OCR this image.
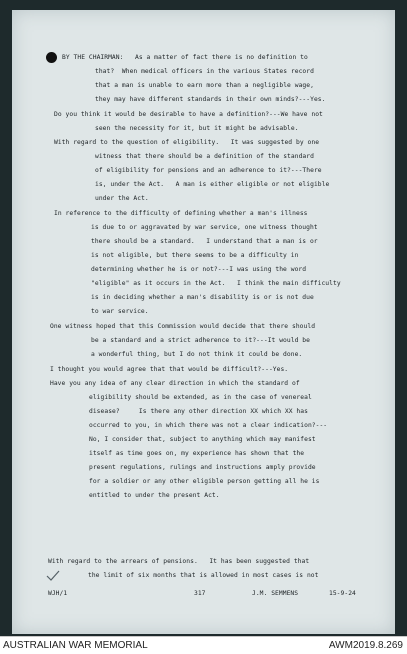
BY THE CHAIRMAN:   As a matter of fact there is no definition to
that?  When medical officers in the various States record
that a man is unable to earn more than a negligible wage,
they may have different standards in their own minds?---Yes.
Do you think it would be desirable to have a definition?---We have not
seen the necessity for it, but it might be advisable.
With regard to the question of eligibility.   It was suggested by one
witness that there should be a definition of the standard
of eligibility for pensions and an adherence to it?---There
is, under the Act.   A man is either eligible or not eligible
under the Act.
In reference to the difficulty of defining whether a man's illness
is due to or aggravated by war service, one witness thought
there should be a standard.   I understand that a man is or
is not eligible, but there seems to be a difficulty in
determining whether he is or not?---I was using the word
"eligible" as it occurs in the Act.   I think the main difficulty
is in deciding whether a man's disability is or is not due
to war service.
One witness hoped that this Commission would decide that there should
be a standard and a strict adherence to it?---It would be
a wonderful thing, but I do not think it could be done.
I thought you would agree that that would be difficult?---Yes.
Have you any idea of any clear direction in which the standard of
eligibility should be extended, as in the case of venereal
disease?     Is there any other direction XX which XX has
occurred to you, in which there was not a clear indication?---
No, I consider that, subject to anything which may manifest
itself as time goes on, my experience has shown that the
present regulations, rulings and instructions amply provide
for a soldier or any other eligible person getting all he is
entitled to under the present Act.
With regard to the arrears of pensions.   It has been suggested that
the limit of six months that is allowed in most cases is not
WJH/1	317	J.M. SEMMENS	15-9-24
AUSTRALIAN WAR MEMORIAL	AWM2019.8.269
